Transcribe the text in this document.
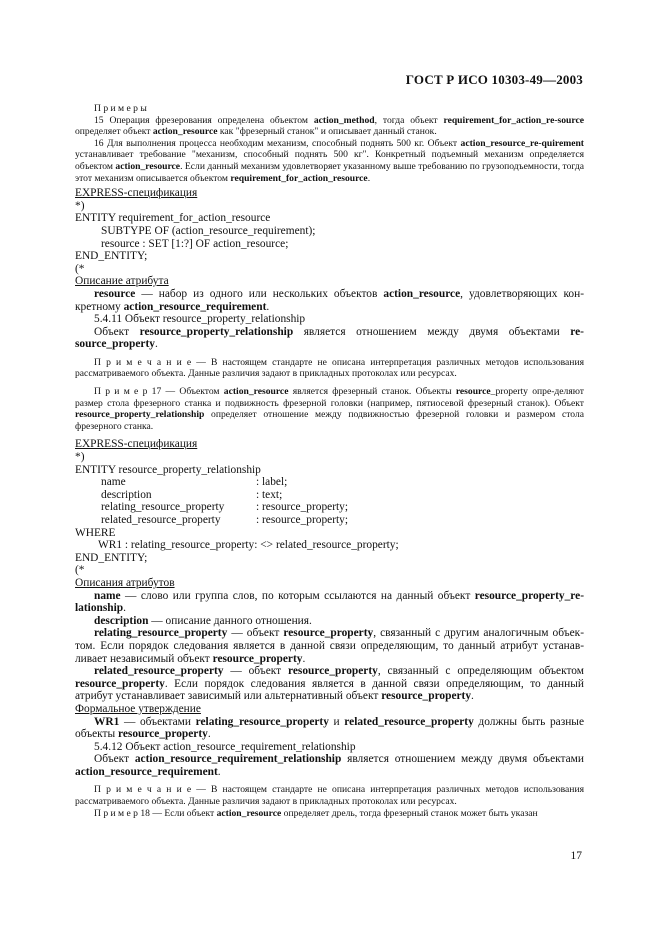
ГОСТ Р ИСО 10303-49—2003

П р и м е р ы

15 Операция фрезерования определена объектом action_method, тогда объект requirement_for_action_re-source определяет объект action_resource как "фрезерный станок" и описывает данный станок.

16 Для выполнения процесса необходим механизм, способный поднять 500 кг. Объект action_resource_re-quirement устанавливает требование "механизм, способный поднять 500 кг". Конкретный подъемный механизм определяется объектом action_resource. Если данный механизм удовлетворяет указанному выше требованию по грузоподъемности, тогда этот механизм описывается объектом requirement_for_action_resource.

EXPRESS-спецификация

*)
ENTITY requirement_for_action_resource
SUBTYPE OF (action_resource_requirement);
resource : SET [1:?] OF action_resource;
END_ENTITY;
(*

Описание атрибута

resource — набор из одного или нескольких объектов action_resource, удовлетворяющих кон-кретному action_resource_requirement.

5.4.11 Объект resource_property_relationship

Объект resource_property_relationship является отношением между двумя объектами re-source_property.

П р и м е ч а н и е — В настоящем стандарте не описана интерпретация различных методов использования рассматриваемого объекта. Данные различия задают в прикладных протоколах или ресурсах.

П р и м е р 17 — Объектом action_resource является фрезерный станок. Объекты resource_property опре-деляют размер стола фрезерного станка и подвижность фрезерной головки (например, пятиосевой фрезерный станок). Объект resource_property_relationship определяет отношение между подвижностью фрезерной головки и размером стола фрезерного станка.

EXPRESS-спецификация

*)
ENTITY resource_property_relationship
name	: label;
description	: text;
relating_resource_property	: resource_property;
related_resource_property	: resource_property;
WHERE
WR1 : relating_resource_property: <> related_resource_property;
END_ENTITY;
(*

Описания атрибутов

name — слово или группа слов, по которым ссылаются на данный объект resource_property_re-lationship.

description — описание данного отношения.

relating_resource_property — объект resource_property, связанный с другим аналогичным объек-том. Если порядок следования является в данной связи определяющим, то данный атрибут устанав-ливает независимый объект resource_property.

related_resource_property — объект resource_property, связанный с определяющим объектом resource_property. Если порядок следования является в данной связи определяющим, то данный атрибут устанавливает зависимый или альтернативный объект resource_property.

Формальное утверждение

WR1 — объектами relating_resource_property и related_resource_property должны быть разные объекты resource_property.

5.4.12 Объект action_resource_requirement_relationship

Объект action_resource_requirement_relationship является отношением между двумя объектами action_resource_requirement.

П р и м е ч а н и е — В настоящем стандарте не описана интерпретация различных методов использования рассматриваемого объекта. Данные различия задают в прикладных протоколах или ресурсах.

П р и м е р 18 — Если объект action_resource определяет дрель, тогда фрезерный станок может быть указан

17
